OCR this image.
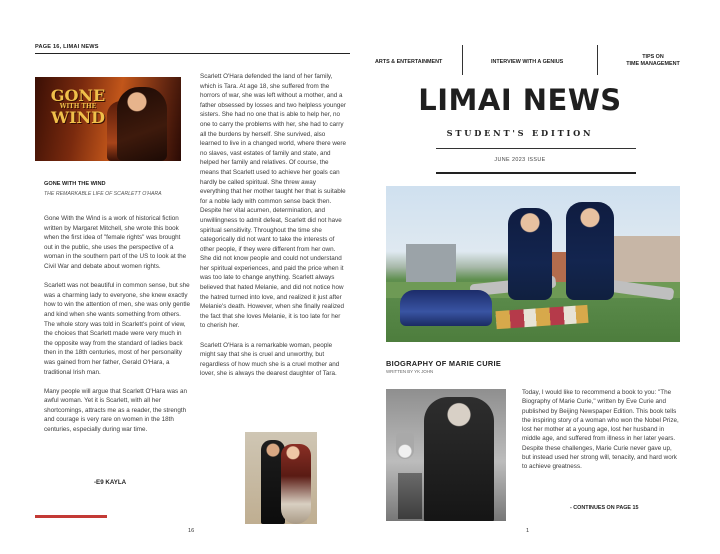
PAGE 16, LIMAI NEWS
GONE
WITH THE
WIND
GONE WITH THE WIND
THE REMARKABLE LIFE OF SCARLETT O'HARA

Gone With the Wind is a work of historical fiction written by Margaret Mitchell, she wrote this book when the first idea of "female rights" was brought out in the public, she uses the perspective of a woman in the southern part of the US to look at the Civil War and debate about women rights.

Scarlett was not beautiful in common sense, but she was a charming lady to everyone, she knew exactly how to win the attention of men, she was only gentle and kind when she wants something from others. The whole story was told in Scarlett's point of view, the choices that Scarlett made were very much in the opposite way from the standard of ladies back then in the 18th centuries, most of her personality was gained from her father, Gerald O'Hara, a traditional Irish man.

Many people will argue that Scarlett O'Hara was an awful woman. Yet it is Scarlett, with all her shortcomings, attracts me as a reader, the strength and courage is very rare on women in the 18th centuries, especially during war time.

Scarlett O'Hara defended the land of her family, which is Tara. At age 18, she suffered from the horrors of war, she was left without a mother, and a father obsessed by losses and two helpless younger sisters. She had no one that is able to help her, no one to carry the problems with her, she had to carry all the burdens by herself. She survived, also learned to live in a changed world, where there were no slaves, vast estates of family and state, and helped her family and relatives. Of course, the means that Scarlett used to achieve her goals can hardly be called spiritual. She threw away everything that her mother taught her that is suitable for a noble lady with common sense back then.
Despite her vital acumen, determination, and unwillingness to admit defeat, Scarlett did not have spiritual sensitivity. Throughout the time she categorically did not want to take the interests of other people, if they were different from her own. She did not know people and could not understand her spiritual experiences, and paid the price when it was too late to change anything. Scarlett always believed that hated Melanie, and did not notice how the hatred turned into love, and realized it just after Melanie's death. However, when she finally realized the fact that she loves Melanie, it is too late for her to cherish her.

Scarlett O'Hara is a remarkable woman, people might say that she is cruel and unworthy, but regardless of how much she is a cruel mother and lover, she is always the dearest daughter of Tara.

-E9 KAYLA
16
ARTS & ENTERTAINMENT	INTERVIEW WITH A GENIUS
TIPS ON
TIME MANAGEMENT
LIMAI NEWS
STUDENT'S EDITION
JUNE 2023 ISSUE
BIOGRAPHY OF MARIE CURIE
WRITTEN BY YK JOHN
Today, I would like to recommend a book to you: "The Biography of Marie Curie," written by Eve Curie and published by Beijing Newspaper Edition. This book tells the inspiring story of a woman who won the Nobel Prize, lost her mother at a young age, lost her husband in middle age, and suffered from illness in her later years. Despite these challenges, Marie Curie never gave up, but instead used her strong will, tenacity, and hard work to achieve greatness.
- CONTINUES ON PAGE 15
1
